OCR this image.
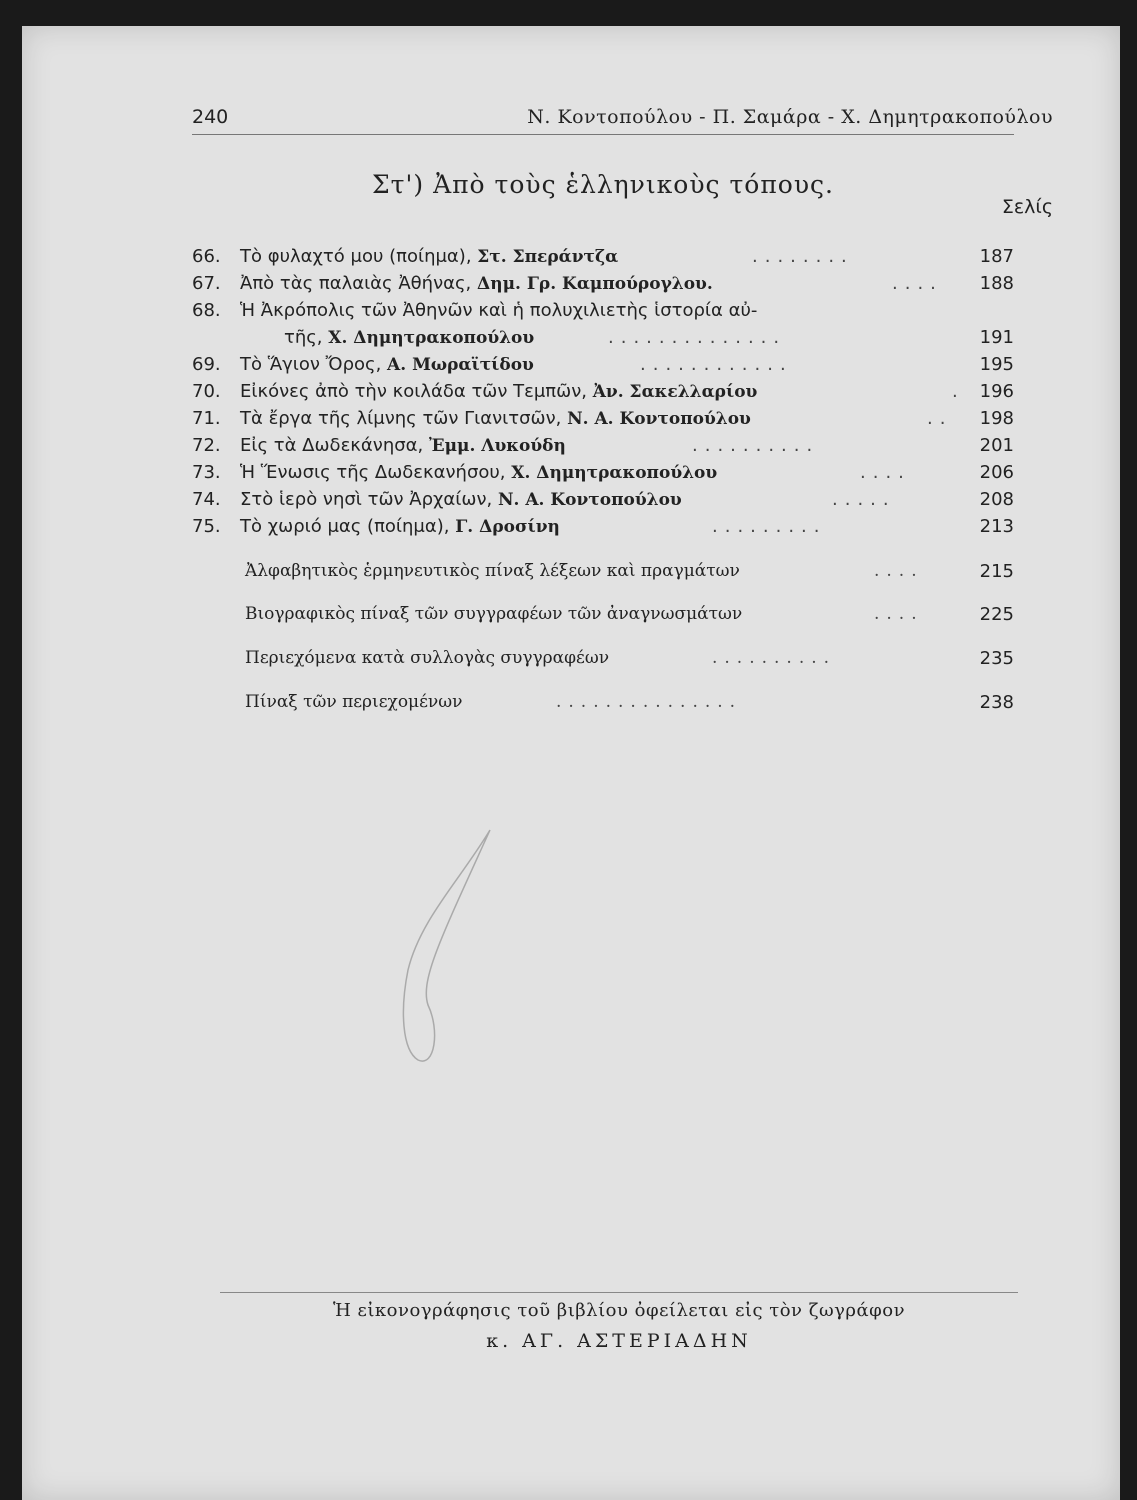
240	Ν. Κοντοπούλου - Π. Σαμάρα - Χ. Δημητρακοπούλου
Στ') Ἀπὸ τοὺς ἑλληνικοὺς τόπους.
Σελίς
66.	Τὸ φυλαχτό μου (ποίημα), Στ. Σπεράντζα	........	187
67.	Ἀπὸ τὰς παλαιὰς Ἀθήνας, Δημ. Γρ. Καμπούρογλου.	.... 188
68.	Ἡ Ἀκρόπολις τῶν Ἀθηνῶν καὶ ἡ πολυχιλιετὴς ἱστορία αὐ-
τῆς, Χ. Δημητρακοπούλου	..............	191
69.	Τὸ Ἅγιον Ὄρος, Α. Μωραϊτίδου	............	195
70.	Εἰκόνες ἀπὸ τὴν κοιλάδα τῶν Τεμπῶν, Ἀν. Σακελλαρίου	. 196
71.	Τὰ ἔργα τῆς λίμνης τῶν Γιανιτσῶν, Ν. Α. Κοντοπούλου	.. 198
72.	Εἰς τὰ Δωδεκάνησα, Ἐμμ. Λυκούδη	..........	201
73.	Ἡ Ἕνωσις τῆς Δωδεκανήσου, Χ. Δημητρακοπούλου	....	206
74.	Στὸ ἱερὸ νησὶ τῶν Ἀρχαίων, Ν. Α. Κοντοπούλου	.....	208
75.	Τὸ χωριό μας (ποίημα), Γ. Δροσίνη	.........	213
Ἀλφαβητικὸς ἑρμηνευτικὸς πίναξ λέξεων καὶ πραγμάτων	....	215
Βιογραφικὸς πίναξ τῶν συγγραφέων τῶν ἀναγνωσμάτων	....	225
Περιεχόμενα κατὰ συλλογὰς συγγραφέων	..........	235
Πίναξ τῶν περιεχομένων	...............	238
Ἡ εἰκονογράφησις τοῦ βιβλίου ὀφείλεται εἰς τὸν ζωγράφον
κ. ΑΓ. ΑΣΤΕΡΙΑΔΗΝ
